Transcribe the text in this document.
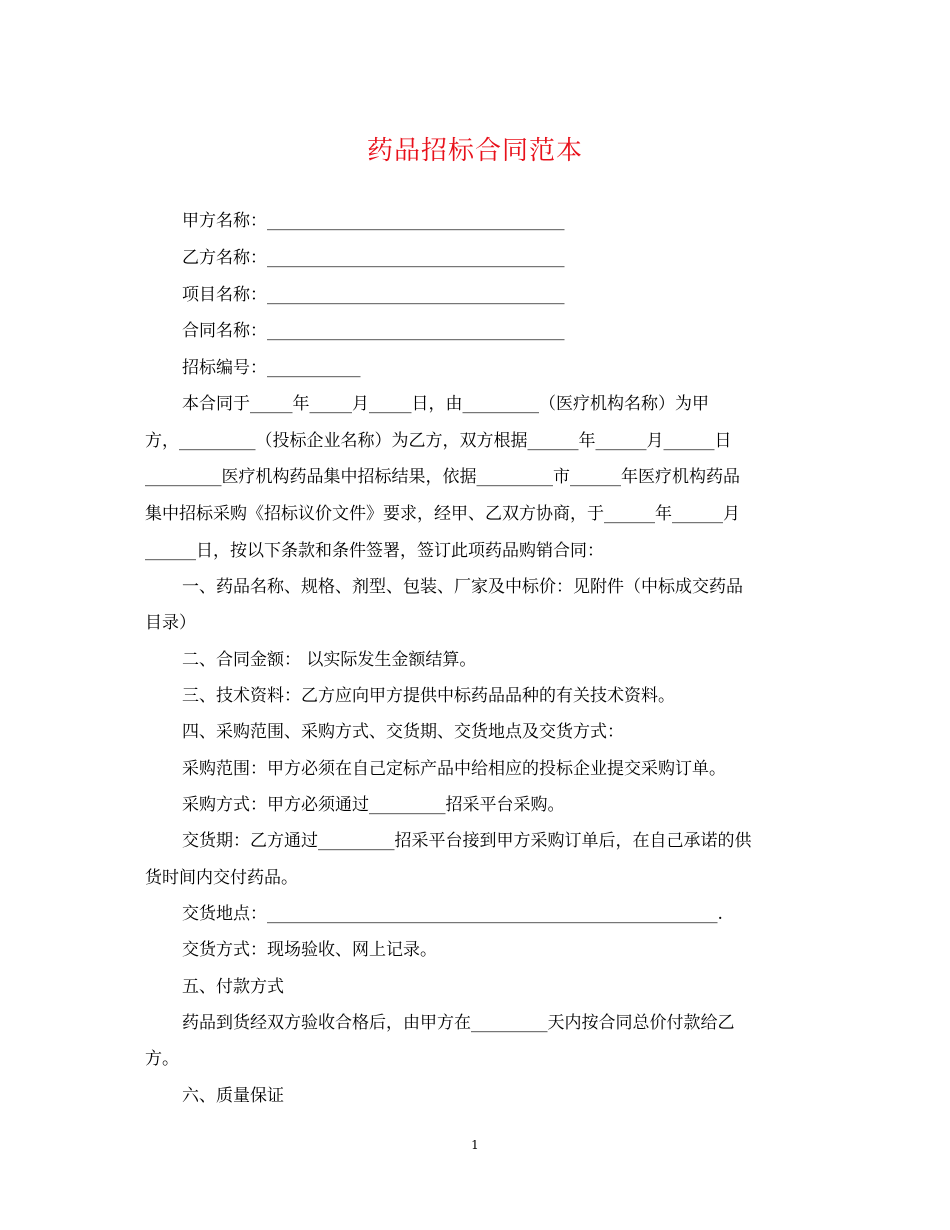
药品招标合同范本
甲方名称：___________________________________
乙方名称：___________________________________
项目名称：___________________________________
合同名称：___________________________________
招标编号：___________
本合同于_____年_____月_____日，由_________（医疗机构名称）为甲
方，_________（投标企业名称）为乙方，双方根据______年______月______日
_________医疗机构药品集中招标结果，依据_________市______年医疗机构药品
集中招标采购《招标议价文件》要求，经甲、乙双方协商，于______年______月
______日，按以下条款和条件签署，签订此项药品购销合同：
一、药品名称、规格、剂型、包装、厂家及中标价：见附件（中标成交药品
目录）
二、合同金额： 以实际发生金额结算。
三、技术资料：乙方应向甲方提供中标药品品种的有关技术资料。
四、采购范围、采购方式、交货期、交货地点及交货方式：
采购范围：甲方必须在自己定标产品中给相应的投标企业提交采购订单。
采购方式：甲方必须通过_________招采平台采购。
交货期：乙方通过_________招采平台接到甲方采购订单后，在自己承诺的供
货时间内交付药品。
交货地点：_____________________________________________________.
交货方式：现场验收、网上记录。
五、付款方式
药品到货经双方验收合格后，由甲方在_________天内按合同总价付款给乙
方。
六、质量保证
1
